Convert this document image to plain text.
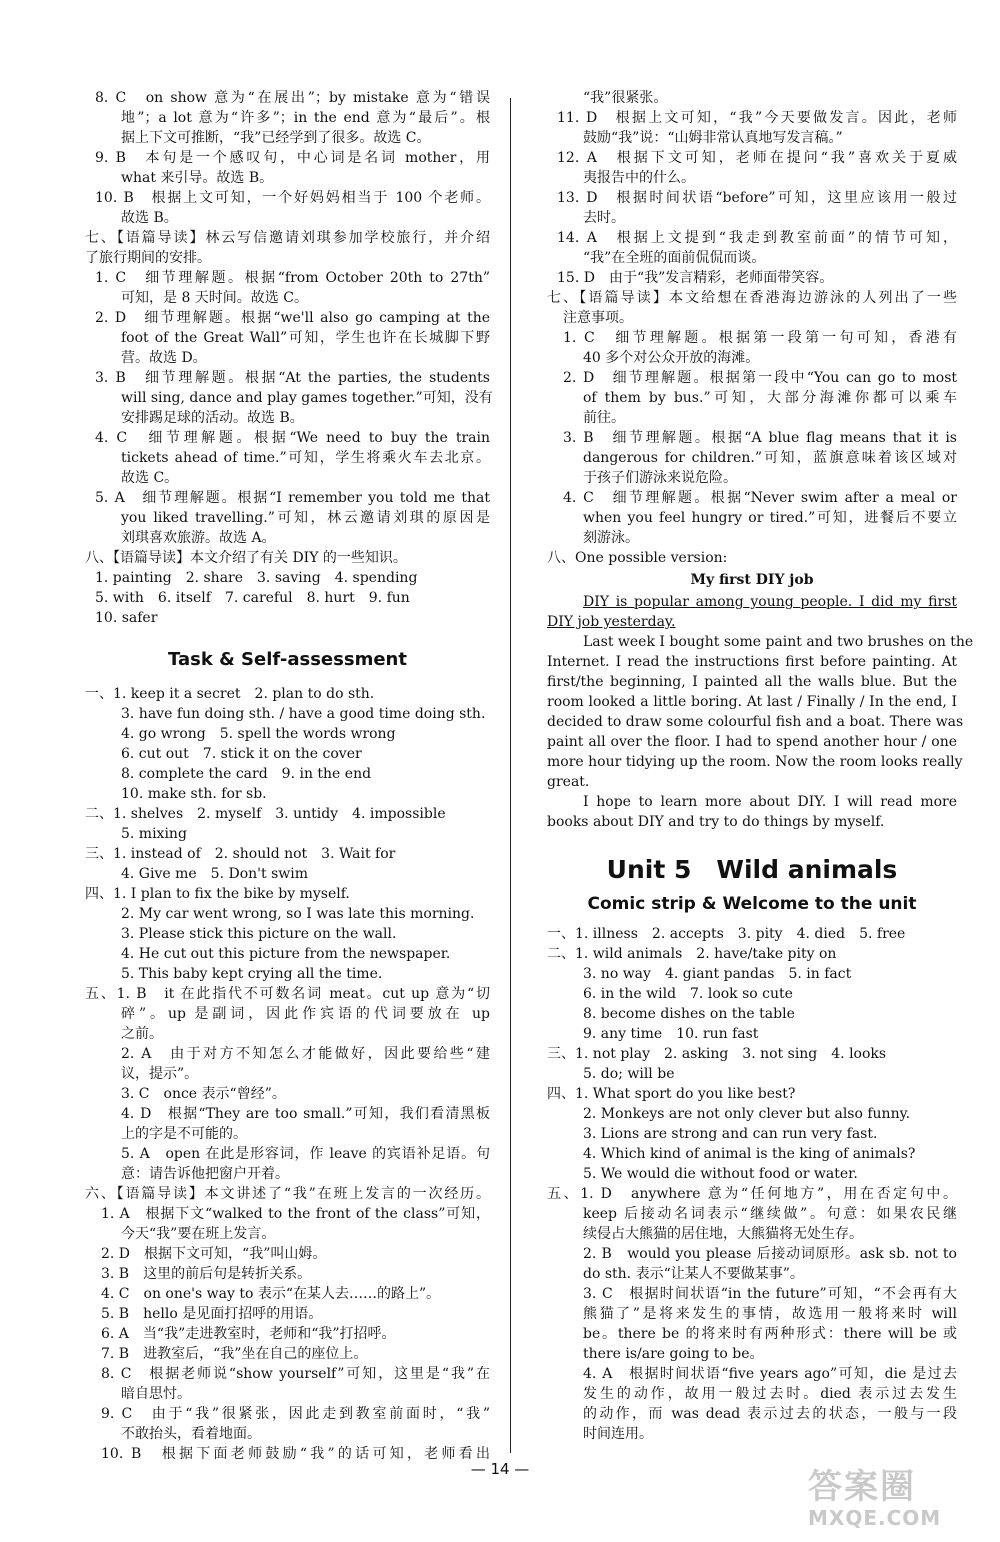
8. C　on show 意为“在展出”；by mistake 意为“错误
地”；a lot 意为“许多”；in the end 意为“最后”。根
据上下文可推断，“我”已经学到了很多。故选 C。
9. B　本句是一个感叹句，中心词是名词 mother，用
what 来引导。故选 B。
10. B　根据上文可知，一个好妈妈相当于 100 个老师。
故选 B。
七、【语篇导读】林云写信邀请刘琪参加学校旅行，并介绍
了旅行期间的安排。
1. C　细节理解题。根据“from October 20th to 27th”
可知，是 8 天时间。故选 C。
2. D　细节理解题。根据“we'll also go camping at the
foot of the Great Wall”可知，学生也许在长城脚下野
营。故选 D。
3. B　细节理解题。根据“At the parties, the students
will sing, dance and play games together.”可知，没有
安排踢足球的活动。故选 B。
4. C　细节理解题。根据“We need to buy the train
tickets ahead of time.”可知，学生将乘火车去北京。
故选 C。
5. A　细节理解题。根据“I remember you told me that
you liked travelling.”可知，林云邀请刘琪的原因是
刘琪喜欢旅游。故选 A。
八、【语篇导读】本文介绍了有关 DIY 的一些知识。
1. painting　2. share　3. saving　4. spending
5. with　6. itself　7. careful　8. hurt　9. fun
10. safer
Task & Self-assessment
一、1. keep it a secret　2. plan to do sth.
3. have fun doing sth. / have a good time doing sth.
4. go wrong　5. spell the words wrong
6. cut out　7. stick it on the cover
8. complete the card　9. in the end
10. make sth. for sb.
二、1. shelves　2. myself　3. untidy　4. impossible
5. mixing
三、1. instead of　2. should not　3. Wait for
4. Give me　5. Don't swim
四、1. I plan to fix the bike by myself.
2. My car went wrong, so I was late this morning.
3. Please stick this picture on the wall.
4. He cut out this picture from the newspaper.
5. This baby kept crying all the time.
五、1. B　it 在此指代不可数名词 meat。cut up 意为“切
碎”。up 是副词，因此作宾语的代词要放在 up
之前。
2. A　由于对方不知怎么才能做好，因此要给些“建
议，提示”。
3. C　once 表示“曾经”。
4. D　根据“They are too small.”可知，我们看清黑板
上的字是不可能的。
5. A　open 在此是形容词，作 leave 的宾语补足语。句
意：请告诉他把窗户开着。
六、【语篇导读】本文讲述了“我”在班上发言的一次经历。
1. A　根据下文“walked to the front of the class”可知，
今天“我”要在班上发言。
2. D　根据下文可知，“我”叫山姆。
3. B　这里的前后句是转折关系。
4. C　on one's way to 表示“在某人去……的路上”。
5. B　hello 是见面打招呼的用语。
6. A　当“我”走进教室时，老师和“我”打招呼。
7. B　进教室后，“我”坐在自己的座位上。
8. C　根据老师说“show yourself”可知，这里是“我”在
暗自思忖。
9. C　由于“我”很紧张，因此走到教室前面时，“我”
不敢抬头，看着地面。
10. B　根据下面老师鼓励“我”的话可知，老师看出
“我”很紧张。
11. D　根据上文可知，“我”今天要做发言。因此，老师
鼓励“我”说：“山姆非常认真地写发言稿。”
12. A　根据下文可知，老师在提问“我”喜欢关于夏威
夷报告中的什么。
13. D　根据时间状语“before”可知，这里应该用一般过
去时。
14. A　根据上文提到“我走到教室前面”的情节可知，
“我”在全班的面前侃侃而谈。
15. D　由于“我”发言精彩，老师面带笑容。
七、【语篇导读】本文给想在香港海边游泳的人列出了一些
注意事项。
1. C　细节理解题。根据第一段第一句可知，香港有
40 多个对公众开放的海滩。
2. D　细节理解题。根据第一段中“You can go to most
of them by bus.”可知，大部分海滩你都可以乘车
前往。
3. B　细节理解题。根据“A blue flag means that it is
dangerous for children.”可知，蓝旗意味着该区域对
于孩子们游泳来说危险。
4. C　细节理解题。根据“Never swim after a meal or
when you feel hungry or tired.”可知，进餐后不要立
刻游泳。
八、One possible version:
My first DIY job
DIY is popular among young people. I did my first
DIY job yesterday.
Last week I bought some paint and two brushes on the
Internet. I read the instructions first before painting. At
first/the beginning, I painted all the walls blue. But the
room looked a little boring. At last / Finally / In the end, I
decided to draw some colourful fish and a boat. There was
paint all over the floor. I had to spend another hour / one
more hour tidying up the room. Now the room looks really
great.
I hope to learn more about DIY. I will read more
books about DIY and try to do things by myself.
Unit 5　Wild animals
Comic strip & Welcome to the unit
一、1. illness　2. accepts　3. pity　4. died　5. free
二、1. wild animals　2. have/take pity on
3. no way　4. giant pandas　5. in fact
6. in the wild　7. look so cute
8. become dishes on the table
9. any time　10. run fast
三、1. not play　2. asking　3. not sing　4. looks
5. do; will be
四、1. What sport do you like best?
2. Monkeys are not only clever but also funny.
3. Lions are strong and can run very fast.
4. Which kind of animal is the king of animals?
5. We would die without food or water.
五、1. D　anywhere 意为“任何地方”，用在否定句中。
keep 后接动名词表示“继续做”。句意：如果农民继
续侵占大熊猫的居住地，大熊猫将无处生存。
2. B　would you please 后接动词原形。ask sb. not to
do sth. 表示“让某人不要做某事”。
3. C　根据时间状语“in the future”可知，“不会再有大
熊猫了”是将来发生的事情，故选用一般将来时 will
be。there be 的将来时有两种形式：there will be 或
there is/are going to be。
4. A　根据时间状语“five years ago”可知，die 是过去
发生的动作，故用一般过去时。died 表示过去发生
的动作，而 was dead 表示过去的状态，一般与一段
时间连用。
— 14 —	答案圈
MXQE.COM
